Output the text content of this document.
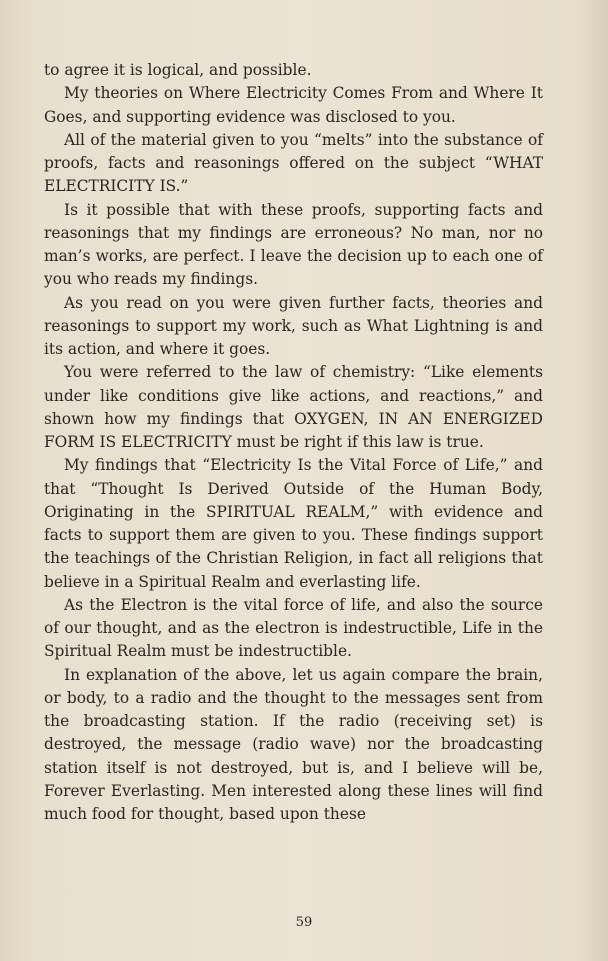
to agree it is logical, and possible.

My theories on Where Electricity Comes From and Where It Goes, and supporting evidence was disclosed to you.

All of the material given to you “melts” into the substance of proofs, facts and reasonings offered on the subject “WHAT ELECTRICITY IS.”

Is it possible that with these proofs, supporting facts and reasonings that my findings are erroneous? No man, nor no man’s works, are perfect. I leave the decision up to each one of you who reads my findings.

As you read on you were given further facts, theories and reasonings to support my work, such as What Lightning is and its action, and where it goes.

You were referred to the law of chemistry: “Like elements under like conditions give like actions, and reactions,” and shown how my findings that OXYGEN, IN AN ENERGIZED FORM IS ELECTRICITY must be right if this law is true.

My findings that “Electricity Is the Vital Force of Life,” and that “Thought Is Derived Outside of the Human Body, Originating in the SPIRITUAL REALM,” with evidence and facts to support them are given to you. These findings support the teachings of the Christian Religion, in fact all religions that believe in a Spiritual Realm and everlasting life.

As the Electron is the vital force of life, and also the source of our thought, and as the electron is indestructible, Life in the Spiritual Realm must be indestructible.

In explanation of the above, let us again compare the brain, or body, to a radio and the thought to the messages sent from the broadcasting station. If the radio (receiving set) is destroyed, the message (radio wave) nor the broadcasting station itself is not destroyed, but is, and I believe will be, Forever Everlasting. Men interested along these lines will find much food for thought, based upon these

59
